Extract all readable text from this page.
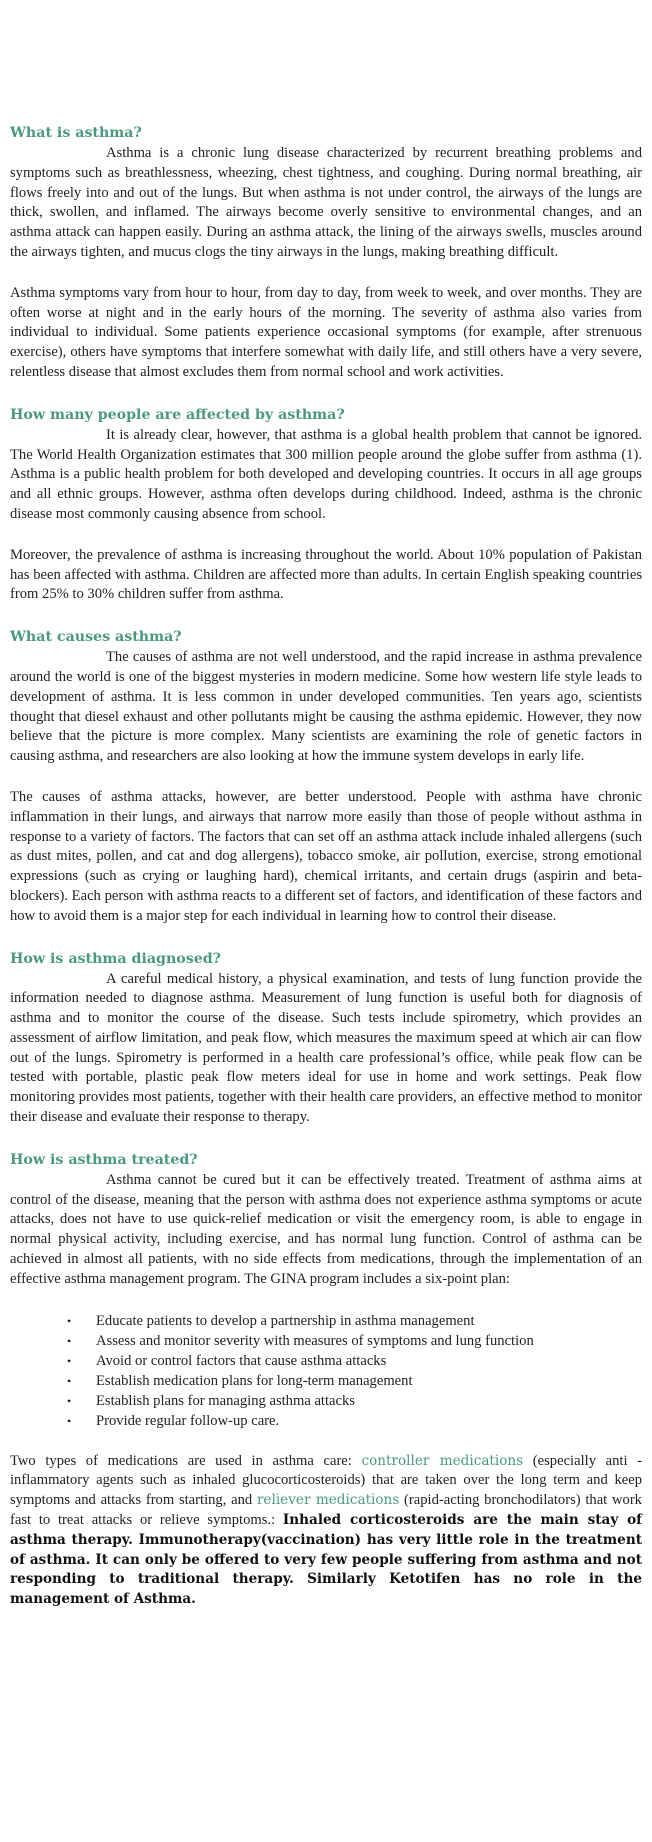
What is asthma?

Asthma is a chronic lung disease characterized by recurrent breathing problems and symptoms such as breathlessness, wheezing, chest tightness, and coughing. During normal breathing, air flows freely into and out of the lungs. But when asthma is not under control, the airways of the lungs are thick, swollen, and inflamed. The airways become overly sensitive to environmental changes, and an asthma attack can happen easily. During an asthma attack, the lining of the airways swells, muscles around the airways tighten, and mucus clogs the tiny airways in the lungs, making breathing difficult.

Asthma symptoms vary from hour to hour, from day to day, from week to week, and over months. They are often worse at night and in the early hours of the morning. The severity of asthma also varies from individual to individual. Some patients experience occasional symptoms (for example, after strenuous exercise), others have symptoms that interfere somewhat with daily life, and still others have a very severe, relentless disease that almost excludes them from normal school and work activities.

How many people are affected by asthma?

It is already clear, however, that asthma is a global health problem that cannot be ignored. The World Health Organization estimates that 300 million people around the globe suffer from asthma (1). Asthma is a public health problem for both developed and developing countries. It occurs in all age groups and all ethnic groups. However, asthma often develops during childhood. Indeed, asthma is the chronic disease most commonly causing absence from school.

Moreover, the prevalence of asthma is increasing throughout the world. About 10% population of Pakistan has been affected with asthma. Children are affected more than adults. In certain English speaking countries from 25% to 30% children suffer from asthma.

What causes asthma?

The causes of asthma are not well understood, and the rapid increase in asthma prevalence around the world is one of the biggest mysteries in modern medicine. Some how western life style leads to development of asthma. It is less common in under developed communities. Ten years ago, scientists thought that diesel exhaust and other pollutants might be causing the asthma epidemic. However, they now believe that the picture is more complex. Many scientists are examining the role of genetic factors in causing asthma, and researchers are also looking at how the immune system develops in early life.

The causes of asthma attacks, however, are better understood. People with asthma have chronic inflammation in their lungs, and airways that narrow more easily than those of people without asthma in response to a variety of factors. The factors that can set off an asthma attack include inhaled allergens (such as dust mites, pollen, and cat and dog allergens), tobacco smoke, air pollution, exercise, strong emotional expressions (such as crying or laughing hard), chemical irritants, and certain drugs (aspirin and beta-blockers). Each person with asthma reacts to a different set of factors, and identification of these factors and how to avoid them is a major step for each individual in learning how to control their disease.

How is asthma diagnosed?

A careful medical history, a physical examination, and tests of lung function provide the information needed to diagnose asthma. Measurement of lung function is useful both for diagnosis of asthma and to monitor the course of the disease. Such tests include spirometry, which provides an assessment of airflow limitation, and peak flow, which measures the maximum speed at which air can flow out of the lungs. Spirometry is performed in a health care professional’s office, while peak flow can be tested with portable, plastic peak flow meters ideal for use in home and work settings. Peak flow monitoring provides most patients, together with their health care providers, an effective method to monitor their disease and evaluate their response to therapy.

How is asthma treated?

Asthma cannot be cured but it can be effectively treated. Treatment of asthma aims at control of the disease, meaning that the person with asthma does not experience asthma symptoms or acute attacks, does not have to use quick-relief medication or visit the emergency room, is able to engage in normal physical activity, including exercise, and has normal lung function. Control of asthma can be achieved in almost all patients, with no side effects from medications, through the implementation of an effective asthma management program. The GINA program includes a six-point plan:

• Educate patients to develop a partnership in asthma management
• Assess and monitor severity with measures of symptoms and lung function
• Avoid or control factors that cause asthma attacks
• Establish medication plans for long-term management
• Establish plans for managing asthma attacks
• Provide regular follow-up care.

Two types of medications are used in asthma care: controller medications (especially anti -inflammatory agents such as inhaled glucocorticosteroids) that are taken over the long term and keep symptoms and attacks from starting, and reliever medications (rapid-acting bronchodilators) that work fast to treat attacks or relieve symptoms.: Inhaled corticosteroids are the main stay of asthma therapy. Immunotherapy(vaccination) has very little role in the treatment of asthma. It can only be offered to very few people suffering from asthma and not responding to traditional therapy. Similarly Ketotifen has no role in the management of Asthma.
